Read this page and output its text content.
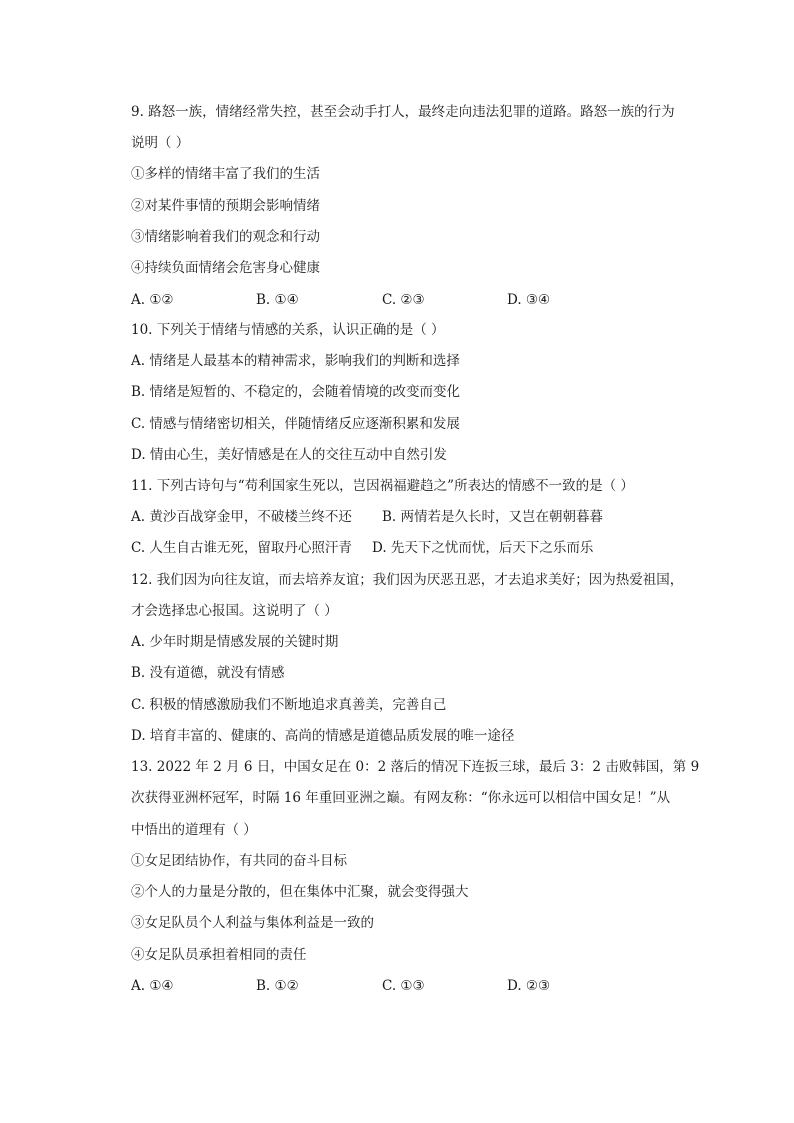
9. 路怒一族，情绪经常失控，甚至会动手打人，最终走向违法犯罪的道路。路怒一族的行为
说明（ ）
①多样的情绪丰富了我们的生活
②对某件事情的预期会影响情绪
③情绪影响着我们的观念和行动
④持续负面情绪会危害身心健康
A. ①②	B. ①④	C. ②③	D. ③④
10. 下列关于情绪与情感的关系，认识正确的是（ ）
A. 情绪是人最基本的精神需求，影响我们的判断和选择
B. 情绪是短暂的、不稳定的，会随着情境的改变而变化
C. 情感与情绪密切相关，伴随情绪反应逐渐积累和发展
D. 情由心生，美好情感是在人的交往互动中自然引发
11. 下列古诗句与“苟利国家生死以，岂因祸福避趋之”所表达的情感不一致的是（ ）
A. 黄沙百战穿金甲，不破楼兰终不还 B. 两情若是久长时，又岂在朝朝暮暮
C. 人生自古谁无死，留取丹心照汗青 D. 先天下之忧而忧，后天下之乐而乐
12. 我们因为向往友谊，而去培养友谊；我们因为厌恶丑恶，才去追求美好；因为热爱祖国，
才会选择忠心报国。这说明了（ ）
A. 少年时期是情感发展的关键时期
B. 没有道德，就没有情感
C. 积极的情感激励我们不断地追求真善美，完善自己
D. 培育丰富的、健康的、高尚的情感是道德品质发展的唯一途径
13. 2022 年 2 月 6 日，中国女足在 0：2 落后的情况下连扳三球，最后 3：2 击败韩国，第 9
次获得亚洲杯冠军，时隔 16 年重回亚洲之巅。有网友称：“你永远可以相信中国女足！”从
中悟出的道理有（ ）
①女足团结协作，有共同的奋斗目标
②个人的力量是分散的，但在集体中汇聚，就会变得强大
③女足队员个人利益与集体利益是一致的
④女足队员承担着相同的责任
A. ①④	B. ①②	C. ①③	D. ②③
